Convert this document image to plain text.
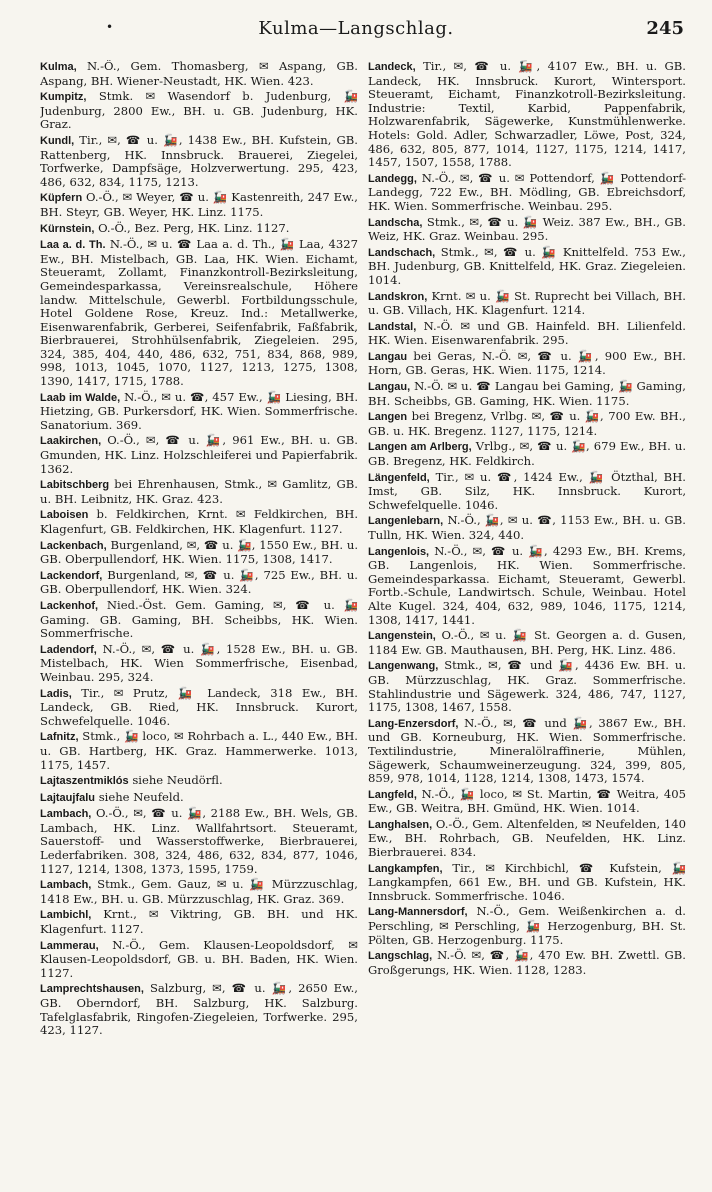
•	Kulma—Langschlag.	245
Kulma, N.-Ö., Gem. Thomasberg, ✉ Aspang, GB. Aspang, BH. Wiener-Neustadt, HK. Wien. 423.
Kumpitz, Stmk. ✉ Wasendorf b. Judenburg, 🚂 Judenburg, 2800 Ew., BH. u. GB. Judenburg, HK. Graz.
Kundl, Tir., ✉, ☎ u. 🚂, 1438 Ew., BH. Kufstein, GB. Rattenberg, HK. Innsbruck. Brauerei, Ziegelei, Torfwerke, Dampfsäge, Holzverwertung. 295, 423, 486, 632, 834, 1175, 1213.
Küpfern O.-Ö., ✉ Weyer, ☎ u. 🚂 Kastenreith, 247 Ew., BH. Steyr, GB. Weyer, HK. Linz. 1175.
Kürnstein, O.-Ö., Bez. Perg, HK. Linz. 1127.
Laa a. d. Th. N.-Ö., ✉ u. ☎ Laa a. d. Th., 🚂 Laa, 4327 Ew., BH. Mistelbach, GB. Laa, HK. Wien. Eichamt, Steueramt, Zollamt, Finanzkontroll-Bezirksleitung, Gemeindesparkassa, Vereinsrealschule, Höhere landw. Mittelschule, Gewerbl. Fortbildungsschule, Hotel Goldene Rose, Kreuz. Ind.: Metallwerke, Eisenwarenfabrik, Gerberei, Seifenfabrik, Faßfabrik, Bierbrauerei, Strohhülsenfabrik, Ziegeleien. 295, 324, 385, 404, 440, 486, 632, 751, 834, 868, 989, 998, 1013, 1045, 1070, 1127, 1213, 1275, 1308, 1390, 1417, 1715, 1788.
Laab im Walde, N.-Ö., ✉ u. ☎, 457 Ew., 🚂 Liesing, BH. Hietzing, GB. Purkersdorf, HK. Wien. Sommerfrische. Sanatorium. 369.
Laakirchen, O.-Ö., ✉, ☎ u. 🚂, 961 Ew., BH. u. GB. Gmunden, HK. Linz. Holzschleiferei und Papierfabrik. 1362.
Labitschberg bei Ehrenhausen, Stmk., ✉ Gamlitz, GB. u. BH. Leibnitz, HK. Graz. 423.
Laboisen b. Feldkirchen, Krnt. ✉ Feldkirchen, BH. Klagenfurt, GB. Feldkirchen, HK. Klagenfurt. 1127.
Lackenbach, Burgenland, ✉, ☎ u. 🚂, 1550 Ew., BH. u. GB. Oberpullendorf, HK. Wien. 1175, 1308, 1417.
Lackendorf, Burgenland, ✉, ☎ u. 🚂, 725 Ew., BH. u. GB. Oberpullendorf, HK. Wien. 324.
Lackenhof, Nied.-Öst. Gem. Gaming, ✉, ☎ u. 🚂 Gaming. GB. Gaming, BH. Scheibbs, HK. Wien. Sommerfrische.
Ladendorf, N.-Ö., ✉, ☎ u. 🚂, 1528 Ew., BH. u. GB. Mistelbach, HK. Wien Sommerfrische, Eisenbad, Weinbau. 295, 324.
Ladis, Tir., ✉ Prutz, 🚂 Landeck, 318 Ew., BH. Landeck, GB. Ried, HK. Innsbruck. Kurort, Schwefelquelle. 1046.
Lafnitz, Stmk., 🚂 loco, ✉ Rohrbach a. L., 440 Ew., BH. u. GB. Hartberg, HK. Graz. Hammerwerke. 1013, 1175, 1457.
Lajtaszentmiklós siehe Neudörfl.
Lajtaujfalu siehe Neufeld.
Lambach, O.-Ö., ✉, ☎ u. 🚂, 2188 Ew., BH. Wels, GB. Lambach, HK. Linz. Wallfahrtsort. Steueramt, Sauerstoff- und Wasserstoffwerke, Bierbrauerei, Lederfabriken. 308, 324, 486, 632, 834, 877, 1046, 1127, 1214, 1308, 1373, 1595, 1759.
Lambach, Stmk., Gem. Gauz, ✉ u. 🚂 Mürzzuschlag, 1418 Ew., BH. u. GB. Mürzzuschlag, HK. Graz. 369.
Lambichl, Krnt., ✉ Viktring, GB. BH. und HK. Klagenfurt. 1127.
Lammerau, N.-Ö., Gem. Klausen-Leopoldsdorf, ✉ Klausen-Leopoldsdorf, GB. u. BH. Baden, HK. Wien. 1127.
Lamprechtshausen, Salzburg, ✉, ☎ u. 🚂, 2650 Ew., GB. Oberndorf, BH. Salzburg, HK. Salzburg. Tafelglasfabrik, Ringofen-Ziegeleien, Torfwerke. 295, 423, 1127.
Landeck, Tir., ✉, ☎ u. 🚂, 4107 Ew., BH. u. GB. Landeck, HK. Innsbruck. Kurort, Wintersport. Steueramt, Eichamt, Finanzkotroll-Bezirksleitung. Industrie: Textil, Karbid, Pappenfabrik, Holzwarenfabrik, Sägewerke, Kunstmühlenwerke. Hotels: Gold. Adler, Schwarzadler, Löwe, Post, 324, 486, 632, 805, 877, 1014, 1127, 1175, 1214, 1417, 1457, 1507, 1558, 1788.
Landegg, N.-Ö., ✉, ☎ u. ✉ Pottendorf, 🚂 Pottendorf-Landegg, 722 Ew., BH. Mödling, GB. Ebreichsdorf, HK. Wien. Sommerfrische. Weinbau. 295.
Landscha, Stmk., ✉, ☎ u. 🚂 Weiz. 387 Ew., BH., GB. Weiz, HK. Graz. Weinbau. 295.
Landschach, Stmk., ✉, ☎ u. 🚂 Knittelfeld. 753 Ew., BH. Judenburg, GB. Knittelfeld, HK. Graz. Ziegeleien. 1014.
Landskron, Krnt. ✉ u. 🚂 St. Ruprecht bei Villach, BH. u. GB. Villach, HK. Klagenfurt. 1214.
Landstal, N.-Ö. ✉ und GB. Hainfeld. BH. Lilienfeld. HK. Wien. Eisenwarenfabrik. 295.
Langau bei Geras, N.-Ö. ✉, ☎ u. 🚂, 900 Ew., BH. Horn, GB. Geras, HK. Wien. 1175, 1214.
Langau, N.-Ö. ✉ u. ☎ Langau bei Gaming, 🚂 Gaming, BH. Scheibbs, GB. Gaming, HK. Wien. 1175.
Langen bei Bregenz, Vrlbg. ✉, ☎ u. 🚂, 700 Ew. BH., GB. u. HK. Bregenz. 1127, 1175, 1214.
Langen am Arlberg, Vrlbg., ✉, ☎ u. 🚂, 679 Ew., BH. u. GB. Bregenz, HK. Feldkirch.
Längenfeld, Tir., ✉ u. ☎, 1424 Ew., 🚂 Ötzthal, BH. Imst, GB. Silz, HK. Innsbruck. Kurort, Schwefelquelle. 1046.
Langenlebarn, N.-Ö., 🚂, ✉ u. ☎, 1153 Ew., BH. u. GB. Tulln, HK. Wien. 324, 440.
Langenlois, N.-Ö., ✉, ☎ u. 🚂, 4293 Ew., BH. Krems, GB. Langenlois, HK. Wien. Sommerfrische. Gemeindesparkassa. Eichamt, Steueramt, Gewerbl. Fortb.-Schule, Landwirtsch. Schule, Weinbau. Hotel Alte Kugel. 324, 404, 632, 989, 1046, 1175, 1214, 1308, 1417, 1441.
Langenstein, O.-Ö., ✉ u. 🚂 St. Georgen a. d. Gusen, 1184 Ew. GB. Mauthausen, BH. Perg, HK. Linz. 486.
Langenwang, Stmk., ✉, ☎ und 🚂, 4436 Ew. BH. u. GB. Mürzzuschlag, HK. Graz. Sommerfrische. Stahlindustrie und Sägewerk. 324, 486, 747, 1127, 1175, 1308, 1467, 1558.
Lang-Enzersdorf, N.-Ö., ✉, ☎ und 🚂, 3867 Ew., BH. und GB. Korneuburg, HK. Wien. Sommerfrische. Textilindustrie, Mineralölraffinerie, Mühlen, Sägewerk, Schaumweinerzeugung. 324, 399, 805, 859, 978, 1014, 1128, 1214, 1308, 1473, 1574.
Langfeld, N.-Ö., 🚂 loco, ✉ St. Martin, ☎ Weitra, 405 Ew., GB. Weitra, BH. Gmünd, HK. Wien. 1014.
Langhalsen, O.-Ö., Gem. Altenfelden, ✉ Neufelden, 140 Ew., BH. Rohrbach, GB. Neufelden, HK. Linz. Bierbrauerei. 834.
Langkampfen, Tir., ✉ Kirchbichl, ☎ Kufstein, 🚂 Langkampfen, 661 Ew., BH. und GB. Kufstein, HK. Innsbruck. Sommerfrische. 1046.
Lang-Mannersdorf, N.-Ö., Gem. Weißenkirchen a. d. Perschling, ✉ Perschling, 🚂 Herzogenburg, BH. St. Pölten, GB. Herzogenburg. 1175.
Langschlag, N.-Ö. ✉, ☎, 🚂, 470 Ew. BH. Zwettl. GB. Großgerungs, HK. Wien. 1128, 1283.
